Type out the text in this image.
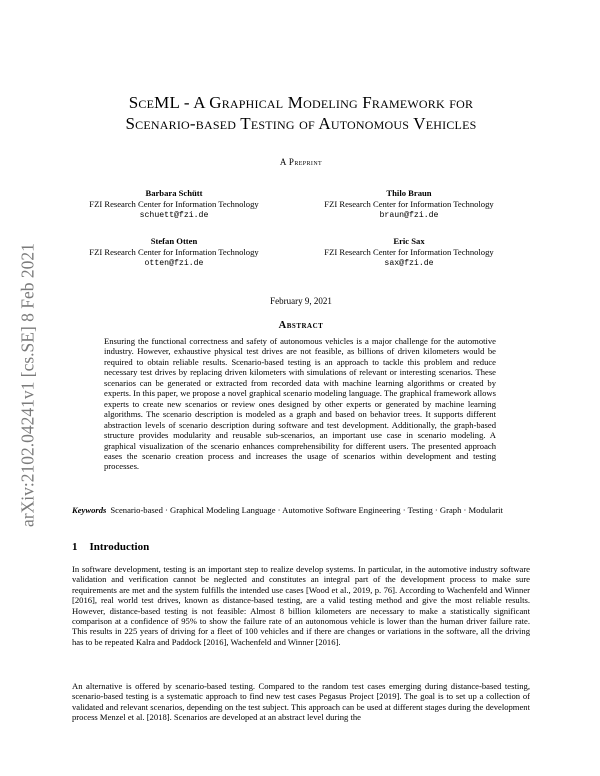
arXiv:2102.04241v1 [cs.SE] 8 Feb 2021
SceML - A Graphical Modeling Framework for
Scenario-based Testing of Autonomous Vehicles
A Preprint
Barbara Schütt
FZI Research Center for Information Technology
schuett@fzi.de
Thilo Braun
FZI Research Center for Information Technology
braun@fzi.de
Stefan Otten
FZI Research Center for Information Technology
otten@fzi.de
Eric Sax
FZI Research Center for Information Technology
sax@fzi.de
February 9, 2021
Abstract
Ensuring the functional correctness and safety of autonomous vehicles is a major challenge for the automotive industry. However, exhaustive physical test drives are not feasible, as billions of driven kilometers would be required to obtain reliable results. Scenario-based testing is an approach to tackle this problem and reduce necessary test drives by replacing driven kilometers with simulations of relevant or interesting scenarios. These scenarios can be generated or extracted from recorded data with machine learning algorithms or created by experts. In this paper, we propose a novel graphical scenario modeling language. The graphical framework allows experts to create new scenarios or review ones designed by other experts or generated by machine learning algorithms. The scenario description is modeled as a graph and based on behavior trees. It supports different abstraction levels of scenario description during software and test development. Additionally, the graph-based structure provides modularity and reusable sub-scenarios, an important use case in scenario modeling. A graphical visualization of the scenario enhances comprehensibility for different users. The presented approach eases the scenario creation process and increases the usage of scenarios within development and testing processes.
Keywords Scenario-based · Graphical Modeling Language · Automotive Software Engineering · Testing · Graph · Modularit
1 Introduction
In software development, testing is an important step to realize develop systems. In particular, in the automotive industry software validation and verification cannot be neglected and constitutes an integral part of the development process to make sure requirements are met and the system fulfills the intended use cases [Wood et al., 2019, p. 76]. According to Wachenfeld and Winner [2016], real world test drives, known as distance-based testing, are a valid testing method and give the most reliable results. However, distance-based testing is not feasible: Almost 8 billion kilometers are necessary to make a statistically significant comparison at a confidence of 95% to show the failure rate of an autonomous vehicle is lower than the human driver failure rate. This results in 225 years of driving for a fleet of 100 vehicles and if there are changes or variations in the software, all the driving has to be repeated Kalra and Paddock [2016], Wachenfeld and Winner [2016].
An alternative is offered by scenario-based testing. Compared to the random test cases emerging during distance-based testing, scenario-based testing is a systematic approach to find new test cases Pegasus Project [2019]. The goal is to set up a collection of validated and relevant scenarios, depending on the test subject. This approach can be used at different stages during the development process Menzel et al. [2018]. Scenarios are developed at an abstract level during the
